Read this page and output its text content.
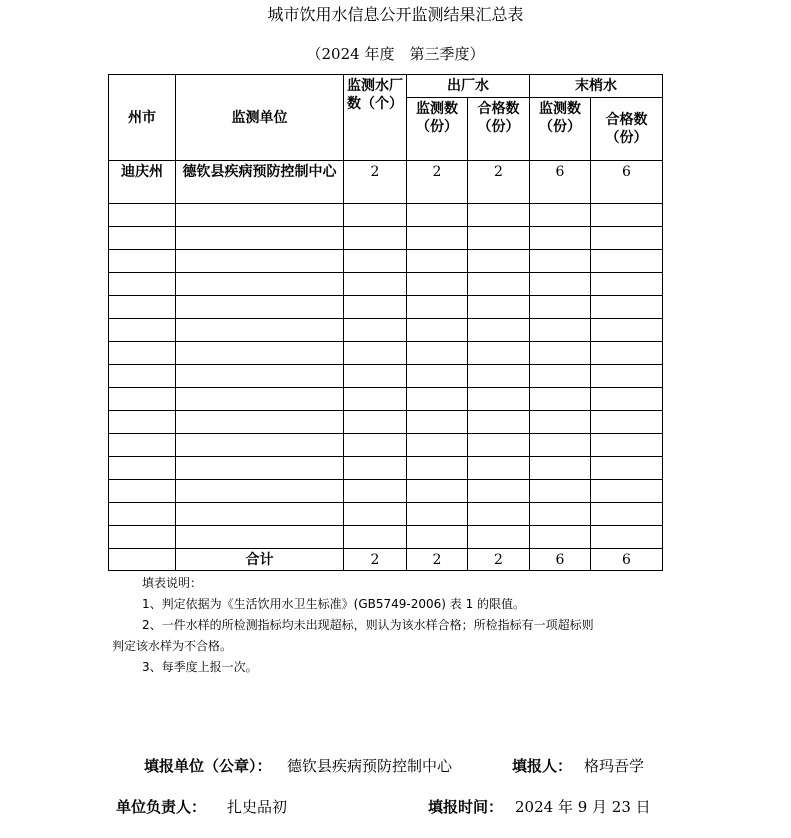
城市饮用水信息公开监测结果汇总表
（2024 年度　第三季度）
州市	监测单位	监测水厂数（个）	出厂水		末梢水	
			监测数（份）	合格数（份）	监测数（份）	合格数（份）
迪庆州	德钦县疾病预防控制中心	2	2	2	6	6

	合计	2	2	2	6	6
填表说明：
1、判定依据为《生活饮用水卫生标准》(GB5749-2006) 表 1 的限值。
2、一件水样的所检测指标均未出现超标，则认为该水样合格；所检指标有一项超标则
判定该水样为不合格。
3、每季度上报一次。
填报单位（公章）： 德钦县疾病预防控制中心	填报人： 格玛吾学
单位负责人： 扎史品初	填报时间： 2024 年 9 月 23 日
